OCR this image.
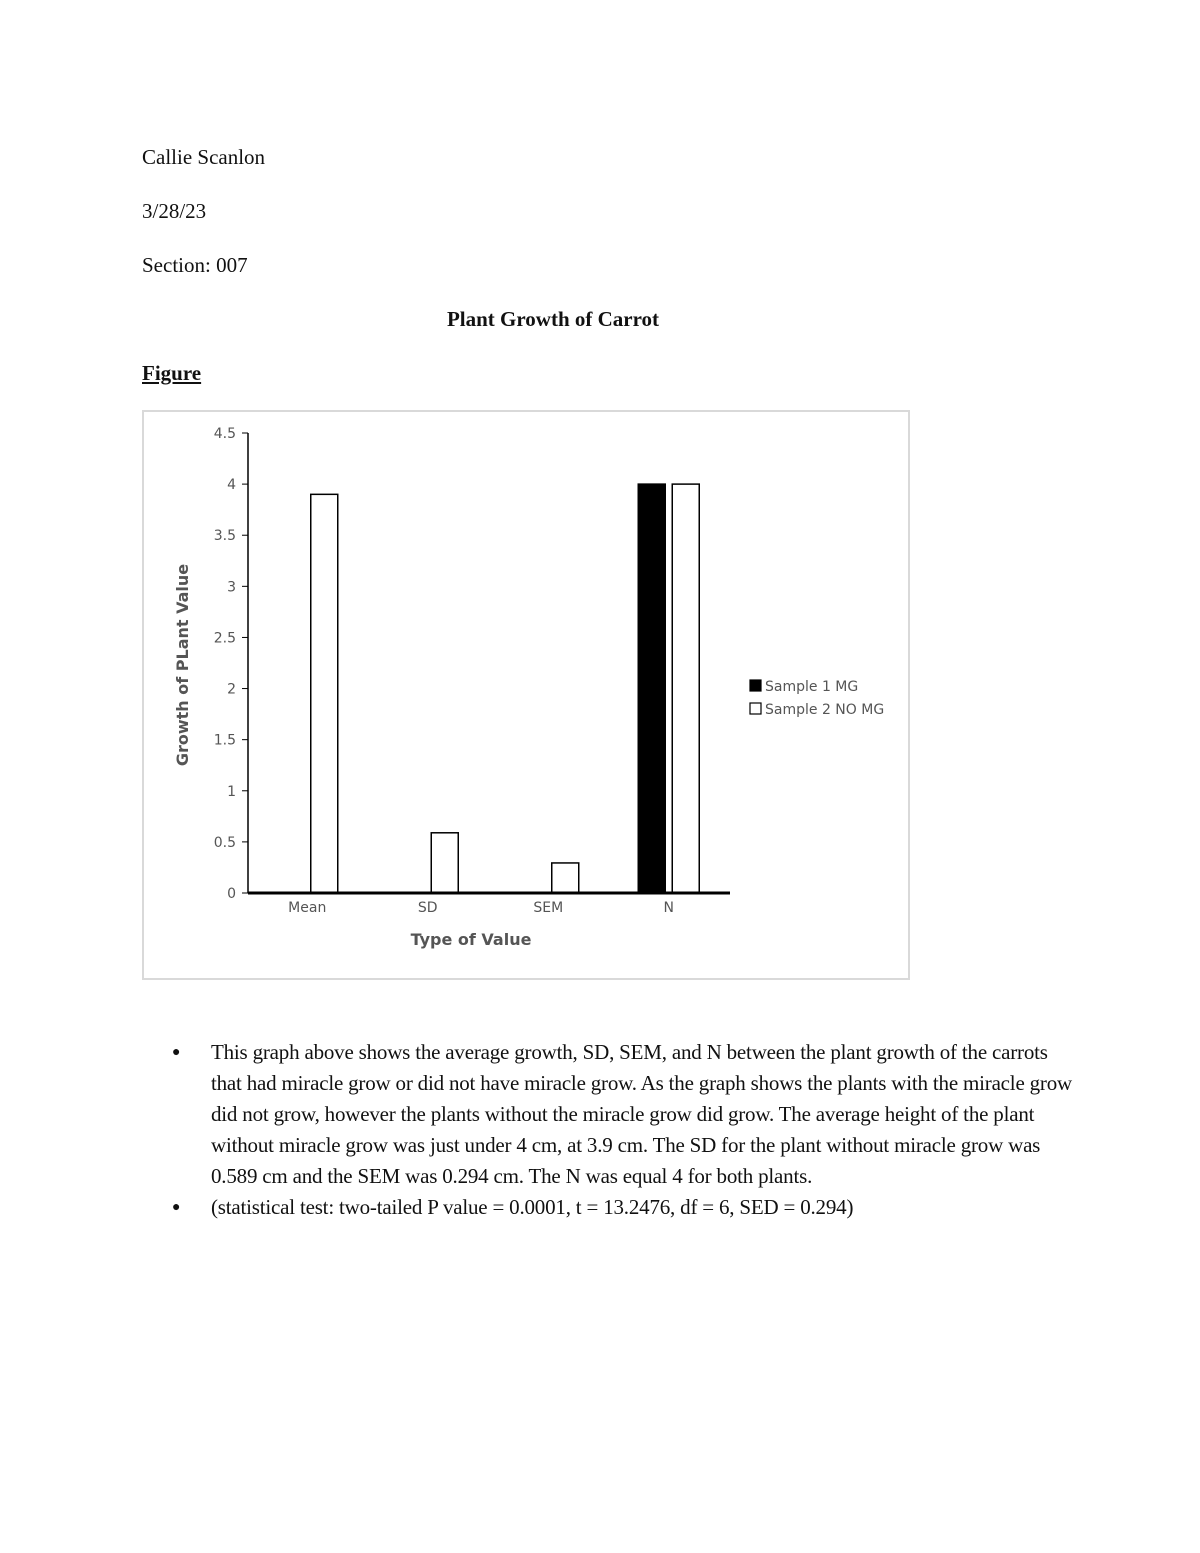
Callie Scanlon
3/28/23
Section: 007
Plant Growth of Carrot
Figure
0
0.5
1
1.5
2
2.5
3
3.5
4
4.5
Mean	SD	SEM	N
Type of Value
Growth of PLant Value	Sample 1 MG
Sample 2 NO MG
● This graph above shows the average growth, SD, SEM, and N between the plant growth of the carrots that had miracle grow or did not have miracle grow. As the graph shows the plants with the miracle grow did not grow, however the plants without the miracle grow did grow. The average height of the plant without miracle grow was just under 4 cm, at 3.9 cm. The SD for the plant without miracle grow was 0.589 cm and the SEM was 0.294 cm. The N was equal 4 for both plants.
● (statistical test: two-tailed P value = 0.0001, t = 13.2476, df = 6, SED = 0.294)
